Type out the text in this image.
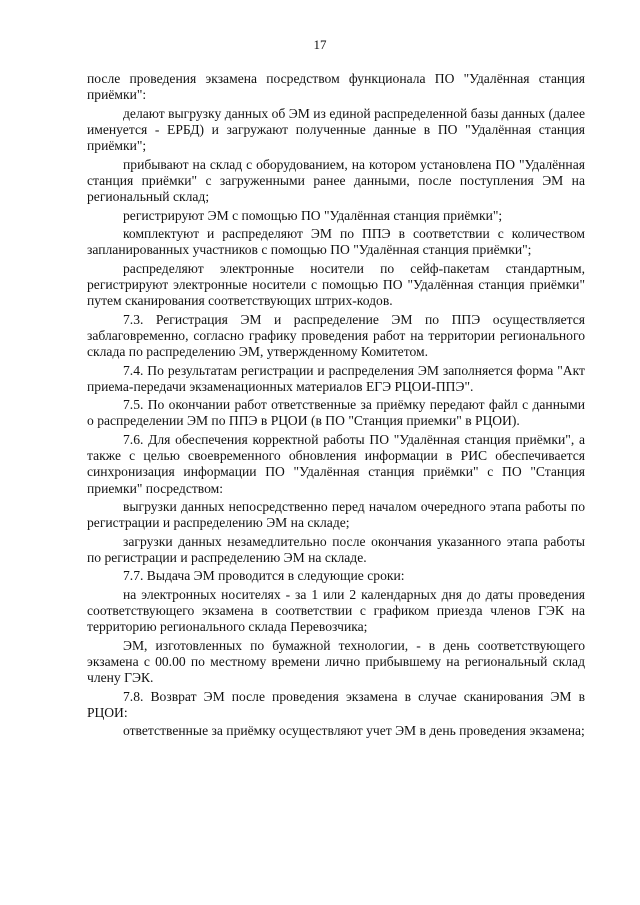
17

после проведения экзамена посредством функционала ПО "Удалённая станция приёмки":

делают выгрузку данных об ЭМ из единой распределенной базы данных (далее именуется - ЕРБД) и загружают полученные данные в ПО "Удалённая станция приёмки";

прибывают на склад с оборудованием, на котором установлена ПО "Удалённая станция приёмки" с загруженными ранее данными, после поступления ЭМ на региональный склад;

регистрируют ЭМ с помощью ПО "Удалённая станция приёмки";

комплектуют и распределяют ЭМ по ППЭ в соответствии с количеством запланированных участников с помощью ПО "Удалённая станция приёмки";

распределяют электронные носители по сейф-пакетам стандартным, регистрируют электронные носители с помощью ПО "Удалённая станция приёмки" путем сканирования соответствующих штрих-кодов.

7.3. Регистрация ЭМ и распределение ЭМ по ППЭ осуществляется заблаговременно, согласно графику проведения работ на территории регионального склада по распределению ЭМ, утвержденному Комитетом.

7.4. По результатам регистрации и распределения ЭМ заполняется форма "Акт приема-передачи экзаменационных материалов ЕГЭ РЦОИ-ППЭ".

7.5. По окончании работ ответственные за приёмку передают файл с данными о распределении ЭМ по ППЭ в РЦОИ (в ПО "Станция приемки" в РЦОИ).

7.6. Для обеспечения корректной работы ПО "Удалённая станция приёмки", а также с целью своевременного обновления информации в РИС обеспечивается синхронизация информации ПО "Удалённая станция приёмки" с ПО "Станция приемки" посредством:

выгрузки данных непосредственно перед началом очередного этапа работы по регистрации и распределению ЭМ на складе;

загрузки данных незамедлительно после окончания указанного этапа работы по регистрации и распределению ЭМ на складе.

7.7. Выдача ЭМ проводится в следующие сроки:

на электронных носителях - за 1 или 2 календарных дня до даты проведения соответствующего экзамена в соответствии с графиком приезда членов ГЭК на территорию регионального склада Перевозчика;

ЭМ, изготовленных по бумажной технологии, - в день соответствующего экзамена с 00.00 по местному времени лично прибывшему на региональный склад члену ГЭК.

7.8. Возврат ЭМ после проведения экзамена в случае сканирования ЭМ в РЦОИ:

ответственные за приёмку осуществляют учет ЭМ в день проведения экзамена;
